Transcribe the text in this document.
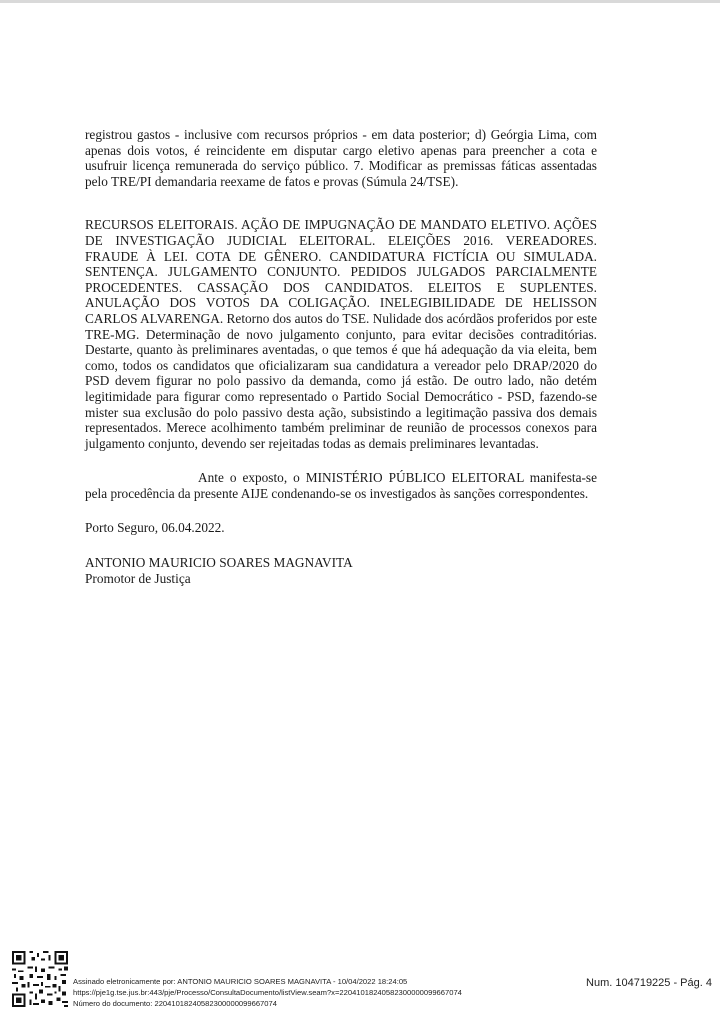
registrou gastos - inclusive com recursos próprios - em data posterior; d) Geórgia Lima, com apenas dois votos, é reincidente em disputar cargo eletivo apenas para preencher a cota e usufruir licença remunerada do serviço público. 7. Modificar as premissas fáticas assentadas pelo TRE/PI demandaria reexame de fatos e provas (Súmula 24/TSE).

RECURSOS ELEITORAIS. AÇÃO DE IMPUGNAÇÃO DE MANDATO ELETIVO. AÇÕES DE INVESTIGAÇÃO JUDICIAL ELEITORAL. ELEIÇÕES 2016. VEREADORES. FRAUDE À LEI. COTA DE GÊNERO. CANDIDATURA FICTÍCIA OU SIMULADA. SENTENÇA. JULGAMENTO CONJUNTO. PEDIDOS JULGADOS PARCIALMENTE PROCEDENTES. CASSAÇÃO DOS CANDIDATOS. ELEITOS E SUPLENTES. ANULAÇÃO DOS VOTOS DA COLIGAÇÃO. INELEGIBILIDADE DE HELISSON CARLOS ALVARENGA. Retorno dos autos do TSE. Nulidade dos acórdãos proferidos por este TRE-MG. Determinação de novo julgamento conjunto, para evitar decisões contraditórias. Destarte, quanto às preliminares aventadas, o que temos é que há adequação da via eleita, bem como, todos os candidatos que oficializaram sua candidatura a vereador pelo DRAP/2020 do PSD devem figurar no polo passivo da demanda, como já estão. De outro lado, não detém legitimidade para figurar como representado o Partido Social Democrático - PSD, fazendo-se mister sua exclusão do polo passivo desta ação, subsistindo a legitimação passiva dos demais representados. Merece acolhimento também preliminar de reunião de processos conexos para julgamento conjunto, devendo ser rejeitadas todas as demais preliminares levantadas.

Ante o exposto, o MINISTÉRIO PÚBLICO ELEITORAL manifesta-se pela procedência da presente AIJE condenando-se os investigados às sanções correspondentes.

Porto Seguro, 06.04.2022.

ANTONIO MAURICIO SOARES MAGNAVITA
Promotor de Justiça
Assinado eletronicamente por: ANTONIO MAURICIO SOARES MAGNAVITA - 10/04/2022 18:24:05
https://pje1g.tse.jus.br:443/pje/Processo/ConsultaDocumento/listView.seam?x=22041018240582300000099667074
Número do documento: 22041018240582300000099667074
Num. 104719225 - Pág. 4
